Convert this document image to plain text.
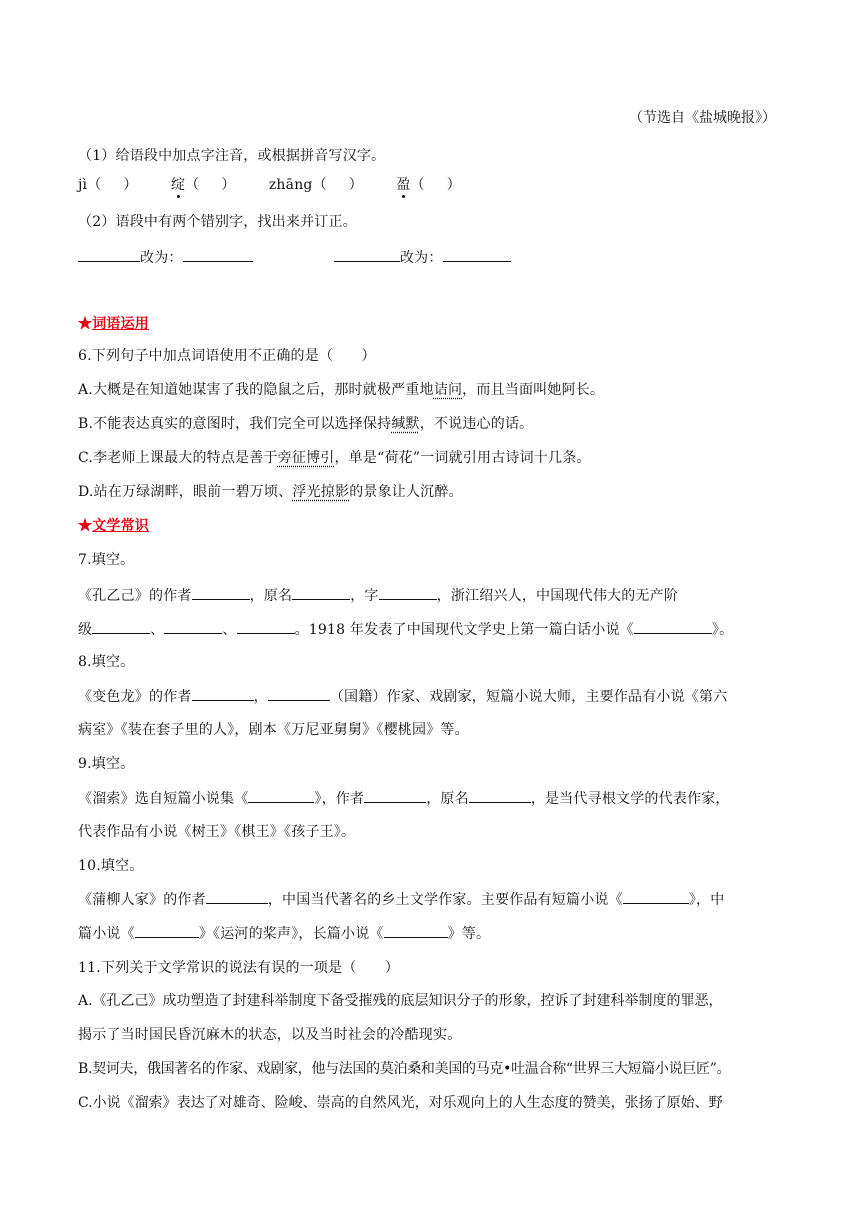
（节选自《盐城晚报》）
（1）给语段中加点字注音，或根据拼音写汉字。
jì（ ） 绽（ ） zhāng（ ） 盈（ ）
（2）语段中有两个错别字，找出来并订正。
改为：	改为：
★词语运用
6.下列句子中加点词语使用不正确的是（　　）
A.大概是在知道她谋害了我的隐鼠之后，那时就极严重地诘问，而且当面叫她阿长。
B.不能表达真实的意图时，我们完全可以选择保持缄默，不说违心的话。
C.李老师上课最大的特点是善于旁征博引，单是“荷花”一词就引用古诗词十几条。
D.站在万绿湖畔，眼前一碧万顷、浮光掠影的景象让人沉醉。
★文学常识
7.填空。
《孔乙己》的作者	，原名	，字	，浙江绍兴人，中国现代伟大的无产阶
级	、	、	。1918 年发表了中国现代文学史上第一篇白话小说《	》。
8.填空。
《变色龙》的作者	，	（国籍）作家、戏剧家，短篇小说大师，主要作品有小说《第六
病室》《装在套子里的人》，剧本《万尼亚舅舅》《樱桃园》等。
9.填空。
《溜索》选自短篇小说集《	》，作者	，原名	，是当代寻根文学的代表作家，
代表作品有小说《树王》《棋王》《孩子王》。
10.填空。
《蒲柳人家》的作者	，中国当代著名的乡土文学作家。主要作品有短篇小说《	》，中
篇小说《	》《运河的桨声》，长篇小说《	》等。
11.下列关于文学常识的说法有误的一项是（　　）
A.《孔乙己》成功塑造了封建科举制度下备受摧残的底层知识分子的形象，控诉了封建科举制度的罪恶，
揭示了当时国民昏沉麻木的状态，以及当时社会的冷酷现实。
B.契诃夫，俄国著名的作家、戏剧家，他与法国的莫泊桑和美国的马克•吐温合称“世界三大短篇小说巨匠”。
C.小说《溜索》表达了对雄奇、险峻、崇高的自然风光，对乐观向上的人生态度的赞美，张扬了原始、野
